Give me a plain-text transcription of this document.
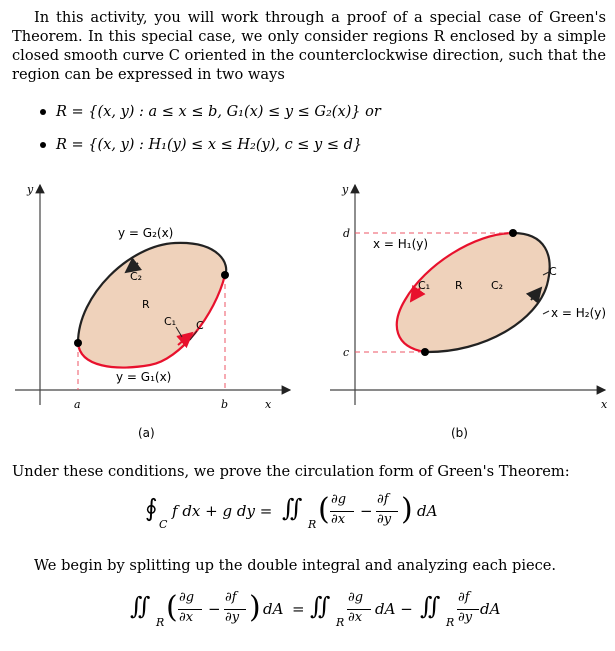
In this activity, you will work through a proof of a special case of Green's Theorem. In this special case, we only consider regions R enclosed by a simple closed smooth curve C oriented in the counterclockwise direction, such that the region can be expressed in two ways
R = {(x, y) : a ≤ x ≤ b, G₁(x) ≤ y ≤ G₂(x)} or
R = {(x, y) : H₁(y) ≤ x ≤ H₂(y), c ≤ y ≤ d}
y
x
a	b
y = G₂(x)
y = G₁(x)
C₂
R
C₁ C
(a)
y
x
d
c
x = H₁(y)
x = H₂(y)
C₁ R	C₂
C
(b)
Under these conditions, we prove the circulation form of Green's Theorem:
∮
C
f dx + g dy = ∬
R ( ∂g
∂x −
∂f
∂y ) dA
We begin by splitting up the double integral and analyzing each piece.
∬
R ( ∂g
∂x −
∂f
∂y ) dA = ∬
R
∂g
∂x dA − ∬
R
∂f
∂y dA
